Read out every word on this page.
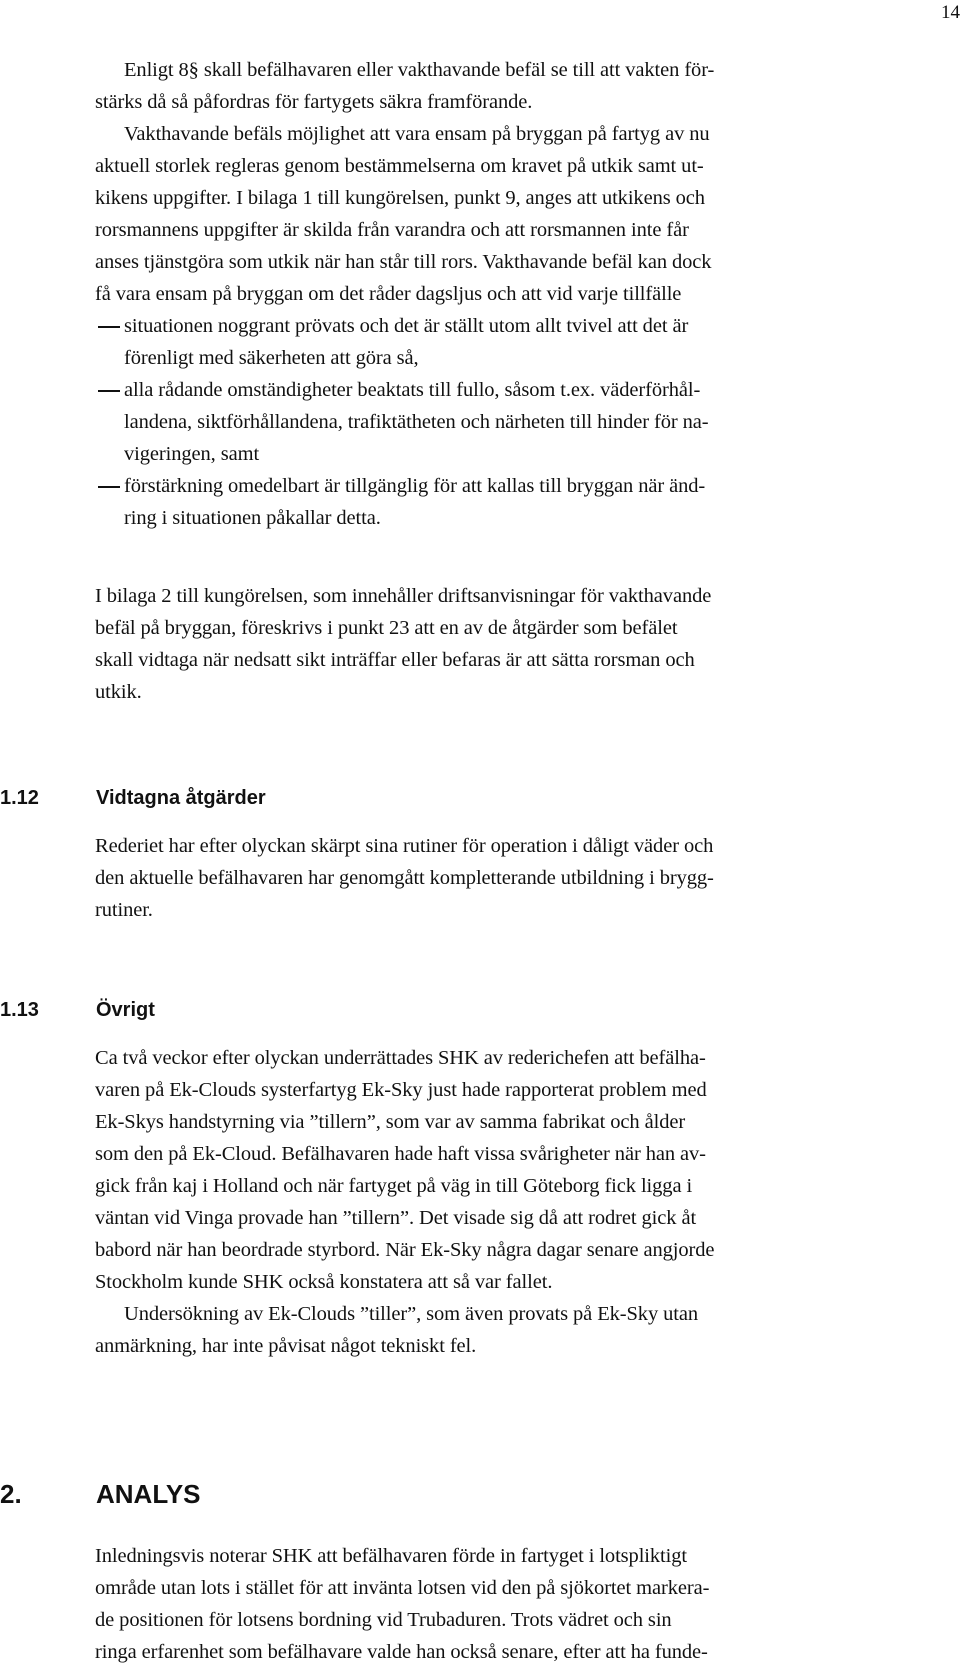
14
Enligt 8§ skall befälhavaren eller vakthavande befäl se till att vakten för-
stärks då så påfordras för fartygets säkra framförande.
Vakthavande befäls möjlighet att vara ensam på bryggan på fartyg av nu
aktuell storlek regleras genom bestämmelserna om kravet på utkik samt ut-
kikens uppgifter. I bilaga 1 till kungörelsen, punkt 9, anges att utkikens och
rorsmannens uppgifter är skilda från varandra och att rorsmannen inte får
anses tjänstgöra som utkik när han står till rors. Vakthavande befäl kan dock
få vara ensam på bryggan om det råder dagsljus och att vid varje tillfälle
situationen noggrant prövats och det är ställt utom allt tvivel att det är
förenligt med säkerheten att göra så,
alla rådande omständigheter beaktats till fullo, såsom t.ex. väderförhål-
landena, siktförhållandena, trafiktätheten och närheten till hinder för na-
vigeringen, samt
förstärkning omedelbart är tillgänglig för att kallas till bryggan när änd-
ring i situationen påkallar detta.
I bilaga 2 till kungörelsen, som innehåller driftsanvisningar för vakthavande
befäl på bryggan, föreskrivs i punkt 23 att en av de åtgärder som befälet
skall vidtaga när nedsatt sikt inträffar eller befaras är att sätta rorsman och
utkik.
1.12	Vidtagna åtgärder
Rederiet har efter olyckan skärpt sina rutiner för operation i dåligt väder och
den aktuelle befälhavaren har genomgått kompletterande utbildning i brygg-
rutiner.
1.13	Övrigt
Ca två veckor efter olyckan underrättades SHK av rederichefen att befälha-
varen på Ek-Clouds systerfartyg Ek-Sky just hade rapporterat problem med
Ek-Skys handstyrning via ”tillern”, som var av samma fabrikat och ålder
som den på Ek-Cloud. Befälhavaren hade haft vissa svårigheter när han av-
gick från kaj i Holland och när fartyget på väg in till Göteborg fick ligga i
väntan vid Vinga provade han ”tillern”. Det visade sig då att rodret gick åt
babord när han beordrade styrbord. När Ek-Sky några dagar senare angjorde
Stockholm kunde SHK också konstatera att så var fallet.
Undersökning av Ek-Clouds ”tiller”, som även provats på Ek-Sky utan
anmärkning, har inte påvisat något tekniskt fel.
2.	ANALYS
Inledningsvis noterar SHK att befälhavaren förde in fartyget i lotspliktigt
område utan lots i stället för att invänta lotsen vid den på sjökortet markera-
de positionen för lotsens bordning vid Trubaduren. Trots vädret och sin
ringa erfarenhet som befälhavare valde han också senare, efter att ha funde-
